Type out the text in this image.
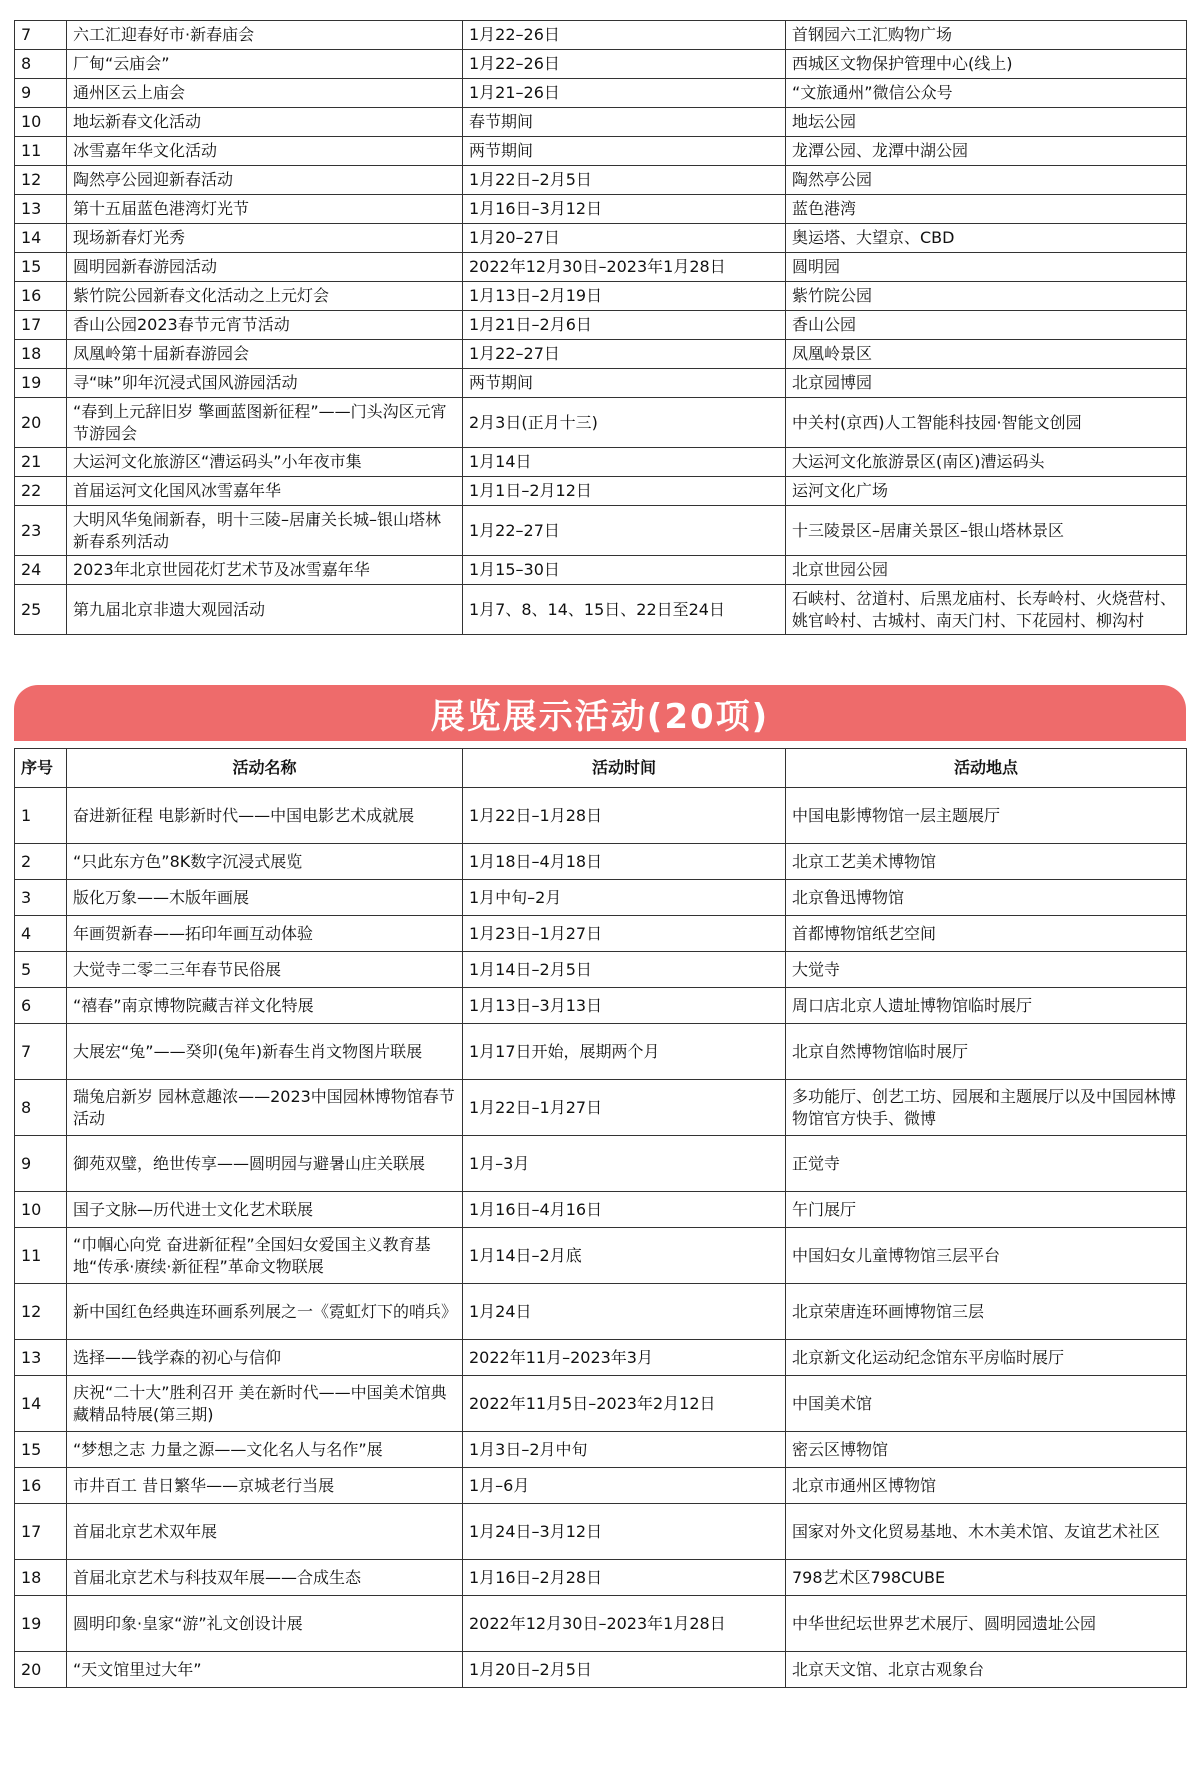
7	六工汇迎春好市·新春庙会	1月22–26日	首钢园六工汇购物广场
8	厂甸“云庙会”	1月22–26日	西城区文物保护管理中心(线上)
9	通州区云上庙会	1月21–26日	“文旅通州”微信公众号
10	地坛新春文化活动	春节期间	地坛公园
11	冰雪嘉年华文化活动	两节期间	龙潭公园、龙潭中湖公园
12	陶然亭公园迎新春活动	1月22日–2月5日	陶然亭公园
13	第十五届蓝色港湾灯光节	1月16日–3月12日	蓝色港湾
14	现场新春灯光秀	1月20–27日	奥运塔、大望京、CBD
15	圆明园新春游园活动	2022年12月30日–2023年1月28日	圆明园
16	紫竹院公园新春文化活动之上元灯会	1月13日–2月19日	紫竹院公园
17	香山公园2023春节元宵节活动	1月21日–2月6日	香山公园
18	凤凰岭第十届新春游园会	1月22–27日	凤凰岭景区
19	寻“味”卯年沉浸式国风游园活动	两节期间	北京园博园
20	“春到上元辞旧岁 擎画蓝图新征程”——门头沟区元宵节游园会	2月3日(正月十三)	中关村(京西)人工智能科技园·智能文创园
21	大运河文化旅游区“漕运码头”小年夜市集	1月14日	大运河文化旅游景区(南区)漕运码头
22	首届运河文化国风冰雪嘉年华	1月1日–2月12日	运河文化广场
23	大明风华兔闹新春，明十三陵–居庸关长城–银山塔林新春系列活动	1月22–27日	十三陵景区–居庸关景区–银山塔林景区
24	2023年北京世园花灯艺术节及冰雪嘉年华	1月15–30日	北京世园公园
25	第九届北京非遗大观园活动	1月7、8、14、15日、22日至24日	石峡村、岔道村、后黑龙庙村、长寿岭村、火烧营村、姚官岭村、古城村、南天门村、下花园村、柳沟村
展览展示活动(20项)
序号	活动名称	活动时间	活动地点
1	奋进新征程 电影新时代——中国电影艺术成就展	1月22日–1月28日	中国电影博物馆一层主题展厅
2	“只此东方色”8K数字沉浸式展览	1月18日–4月18日	北京工艺美术博物馆
3	版化万象——木版年画展	1月中旬–2月	北京鲁迅博物馆
4	年画贺新春——拓印年画互动体验	1月23日–1月27日	首都博物馆纸艺空间
5	大觉寺二零二三年春节民俗展	1月14日–2月5日	大觉寺
6	“禧春”南京博物院藏吉祥文化特展	1月13日–3月13日	周口店北京人遗址博物馆临时展厅
7	大展宏“兔”——癸卯(兔年)新春生肖文物图片联展	1月17日开始，展期两个月	北京自然博物馆临时展厅
8	瑞兔启新岁 园林意趣浓——2023中国园林博物馆春节活动	1月22日–1月27日	多功能厅、创艺工坊、园展和主题展厅以及中国园林博物馆官方快手、微博
9	御苑双璧，绝世传享——圆明园与避暑山庄关联展	1月–3月	正觉寺
10	国子文脉—历代进士文化艺术联展	1月16日–4月16日	午门展厅
11	“巾帼心向党 奋进新征程”全国妇女爱国主义教育基地“传承·赓续·新征程”革命文物联展	1月14日–2月底	中国妇女儿童博物馆三层平台
12	新中国红色经典连环画系列展之一《霓虹灯下的哨兵》	1月24日	北京荣唐连环画博物馆三层
13	选择——钱学森的初心与信仰	2022年11月–2023年3月	北京新文化运动纪念馆东平房临时展厅
14	庆祝“二十大”胜利召开 美在新时代——中国美术馆典藏精品特展(第三期)	2022年11月5日–2023年2月12日	中国美术馆
15	“梦想之志 力量之源——文化名人与名作”展	1月3日–2月中旬	密云区博物馆
16	市井百工 昔日繁华——京城老行当展	1月–6月	北京市通州区博物馆
17	首届北京艺术双年展	1月24日–3月12日	国家对外文化贸易基地、木木美术馆、友谊艺术社区
18	首届北京艺术与科技双年展——合成生态	1月16日–2月28日	798艺术区798CUBE
19	圆明印象·皇家“游”礼文创设计展	2022年12月30日–2023年1月28日	中华世纪坛世界艺术展厅、圆明园遗址公园
20	“天文馆里过大年”	1月20日–2月5日	北京天文馆、北京古观象台
